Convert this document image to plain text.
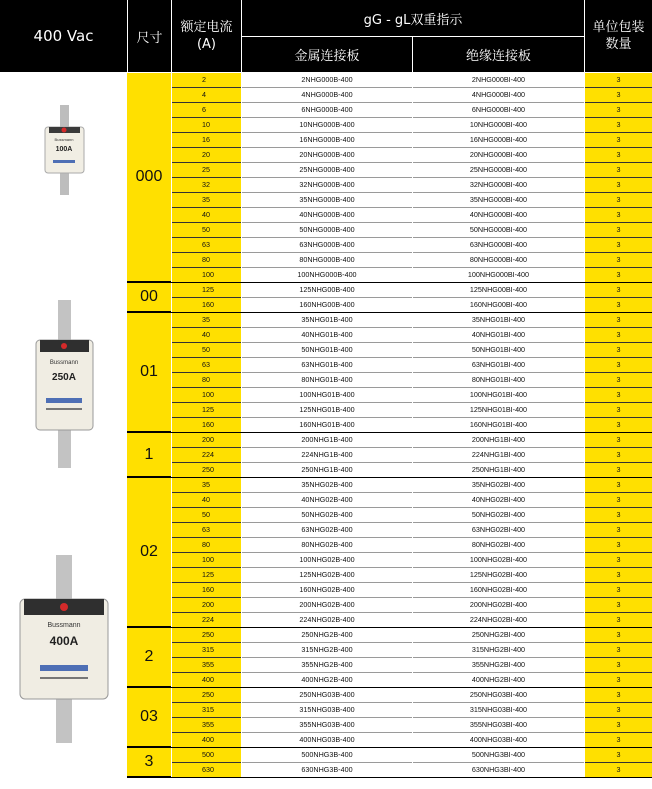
400 Vac	尺寸
额定电流
(A)
gG - gL双重指示
金属连接板	绝缘连接板
单位包装
数量
000
2	2NHG000B-400	2NHG000BI-400	3
4	4NHG000B-400	4NHG000BI-400	3
6	6NHG000B-400	6NHG000BI-400	3
10	10NHG000B-400	10NHG000BI-400	3
16	16NHG000B-400	16NHG000BI-400	3
20	20NHG000B-400	20NHG000BI-400	3
25	25NHG000B-400	25NHG000BI-400	3
32	32NHG000B-400	32NHG000BI-400	3
35	35NHG000B-400	35NHG000BI-400	3
40	40NHG000B-400	40NHG000BI-400	3
50	50NHG000B-400	50NHG000BI-400	3
63	63NHG000B-400	63NHG000BI-400	3
80	80NHG000B-400	80NHG000BI-400	3
100	100NHG000B-400	100NHG000BI-400	3
00	125	125NHG00B-400	125NHG00BI-400	3
160	160NHG00B-400	160NHG00BI-400	3
01
35	35NHG01B-400	35NHG01BI-400	3
40	40NHG01B-400	40NHG01BI-400	3
50	50NHG01B-400	50NHG01BI-400	3
63	63NHG01B-400	63NHG01BI-400	3
80	80NHG01B-400	80NHG01BI-400	3
100	100NHG01B-400	100NHG01BI-400	3
125	125NHG01B-400	125NHG01BI-400	3
160	160NHG01B-400	160NHG01BI-400	3
1
200	200NHG1B-400	200NHG1BI-400	3
224	224NHG1B-400	224NHG1BI-400	3
250	250NHG1B-400	250NHG1BI-400	3
02
35	35NHG02B-400	35NHG02BI-400	3
40	40NHG02B-400	40NHG02BI-400	3
50	50NHG02B-400	50NHG02BI-400	3
63	63NHG02B-400	63NHG02BI-400	3
80	80NHG02B-400	80NHG02BI-400	3
100	100NHG02B-400	100NHG02BI-400	3
125	125NHG02B-400	125NHG02BI-400	3
160	160NHG02B-400	160NHG02BI-400	3
200	200NHG02B-400	200NHG02BI-400	3
224	224NHG02B-400	224NHG02BI-400	3
2
250	250NHG2B-400	250NHG2BI-400	3
315	315NHG2B-400	315NHG2BI-400	3
355	355NHG2B-400	355NHG2BI-400	3
400	400NHG2B-400	400NHG2BI-400	3
03
250	250NHG03B-400	250NHG03BI-400	3
315	315NHG03B-400	315NHG03BI-400	3
355	355NHG03B-400	355NHG03BI-400	3
400	400NHG03B-400	400NHG03BI-400	3
3	500	500NHG3B-400	500NHG3BI-400	3
630	630NHG3B-400	630NHG3BI-400	3
Bussmann
100A
Bussmann
250A
Bussmann
400A
